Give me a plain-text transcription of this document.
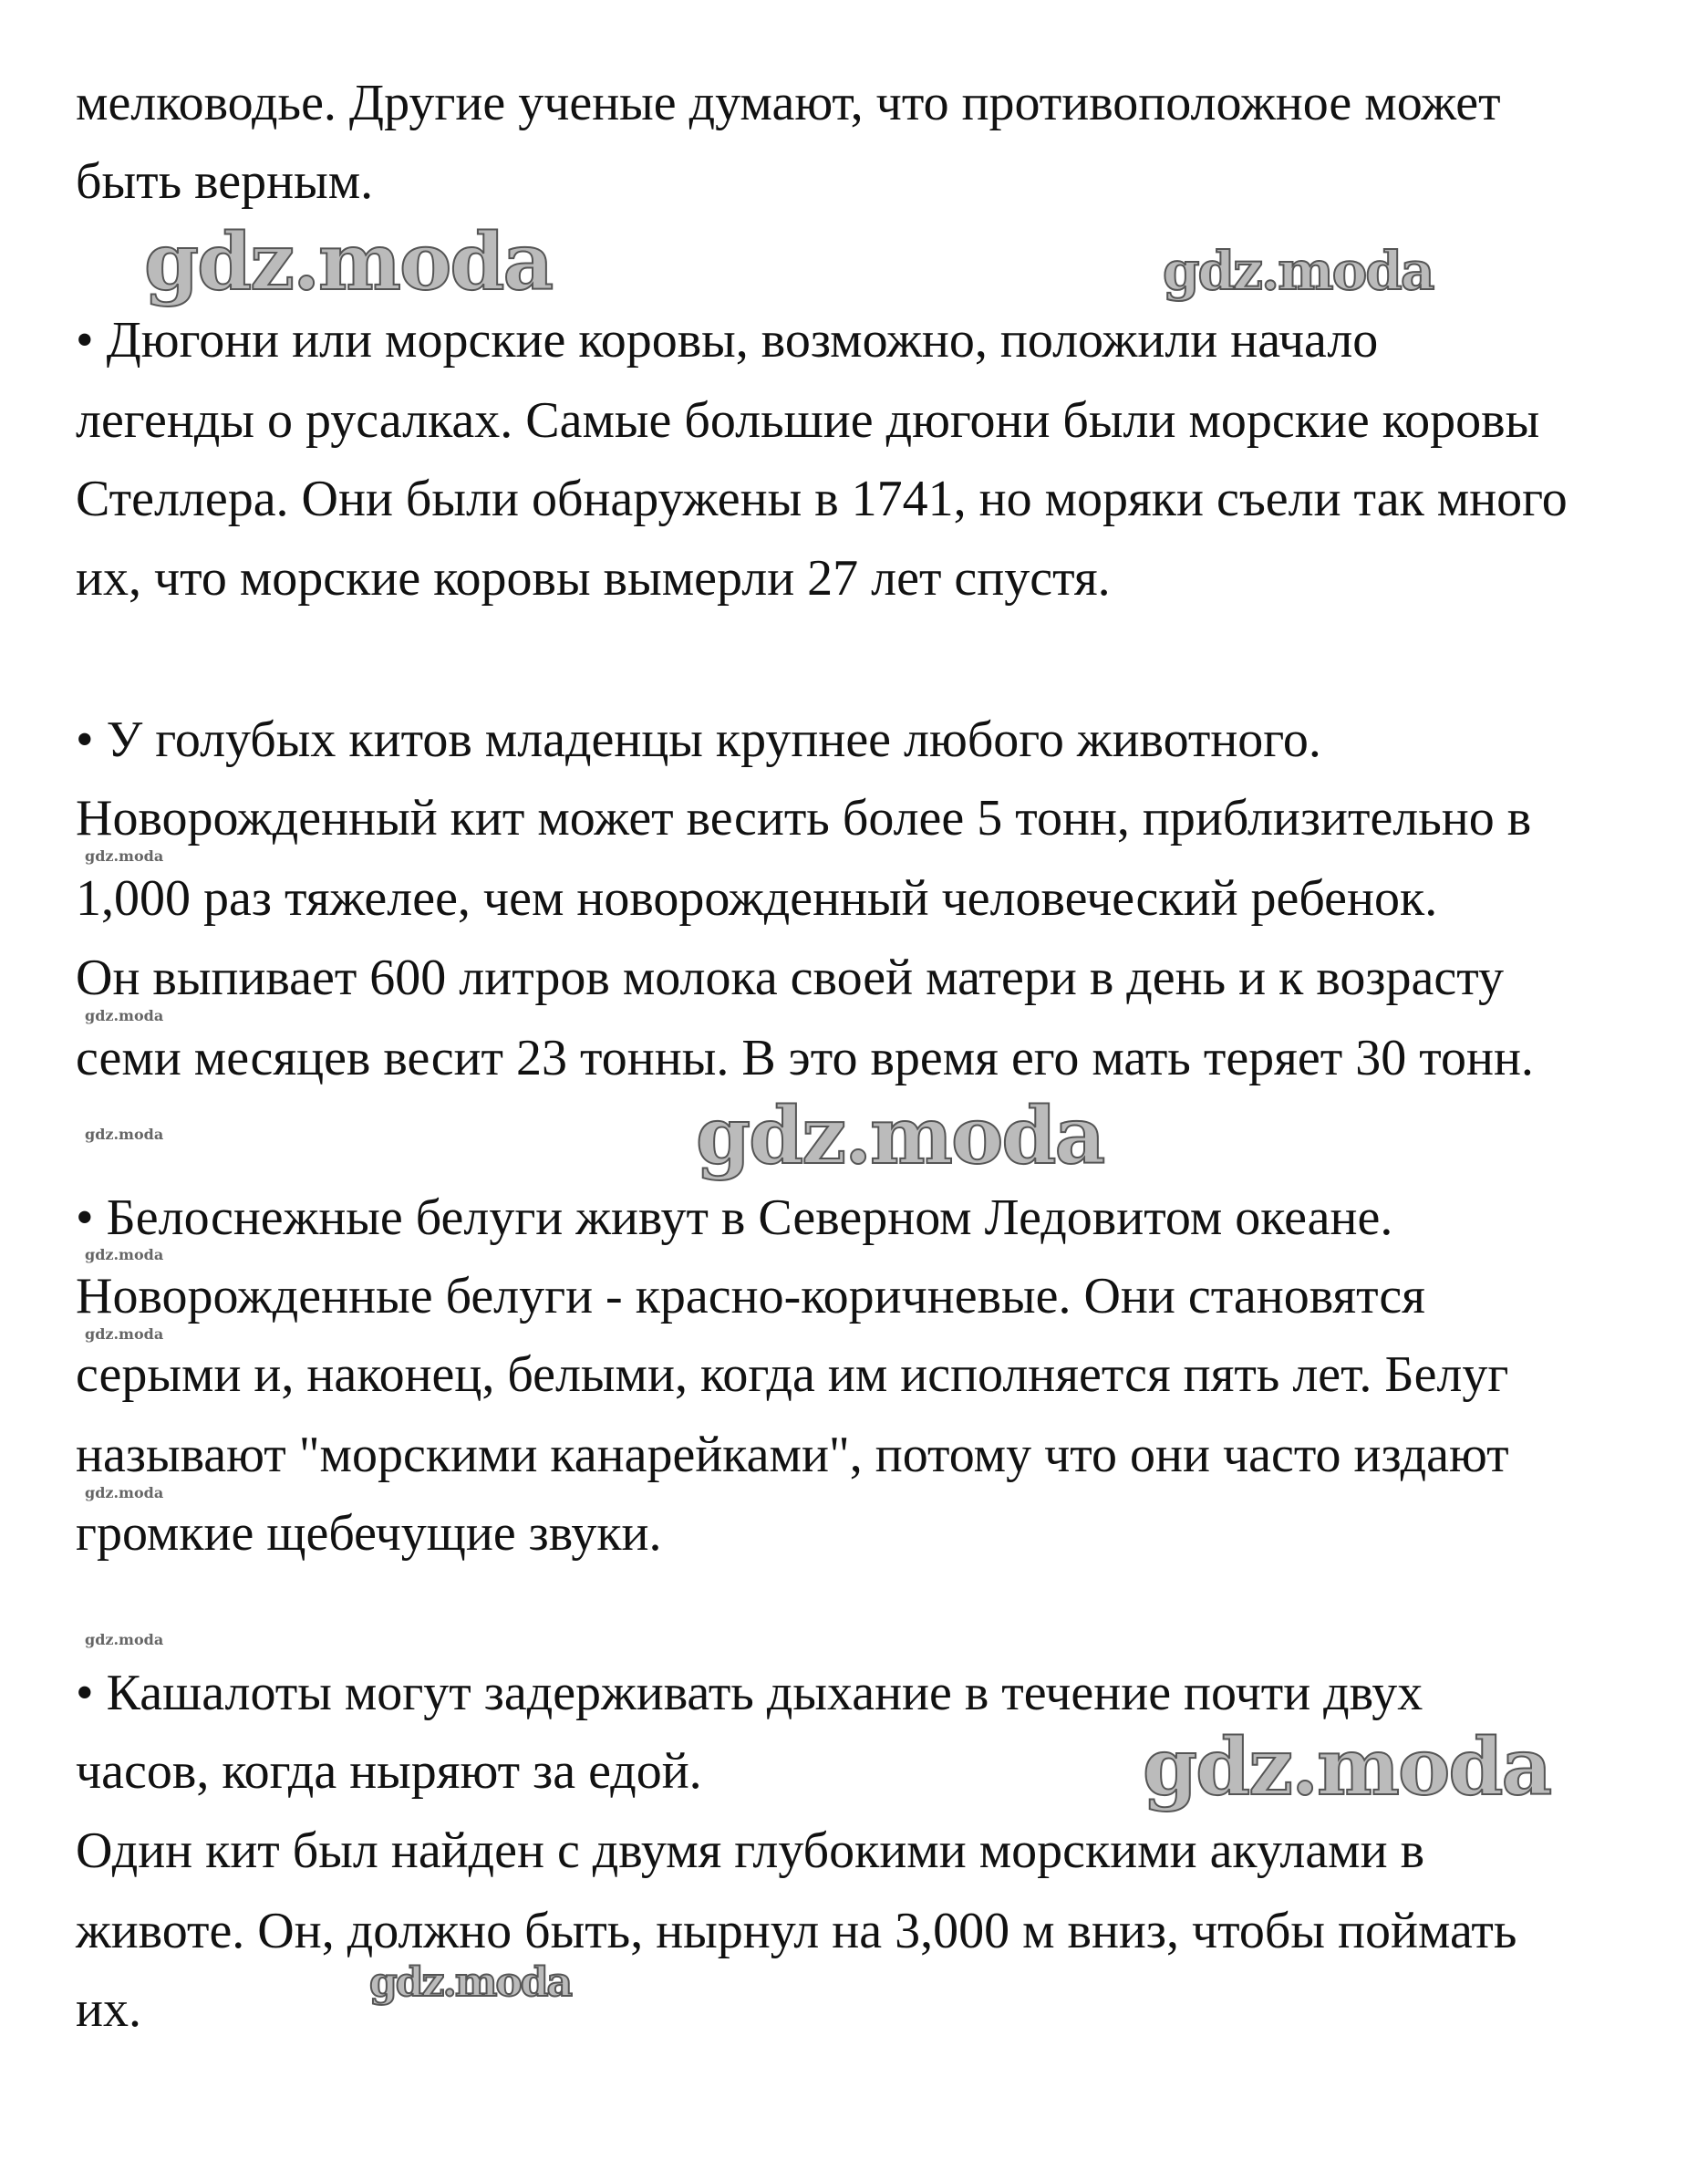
мелководье. Другие ученые думают, что противоположное может
быть верным.
• Дюгони или морские коровы, возможно, положили начало
легенды о русалках. Самые большие дюгони были морские коровы
Стеллера. Они были обнаружены в 1741, но моряки съели так много
их, что морские коровы вымерли 27 лет спустя.
• У голубых китов младенцы крупнее любого животного.
Новорожденный кит может весить более 5 тонн, приблизительно в
1,000 раз тяжелее, чем новорожденный человеческий ребенок.
Он выпивает 600 литров молока своей матери в день и к возрасту
семи месяцев весит 23 тонны. В это время его мать теряет 30 тонн.
• Белоснежные белуги живут в Северном Ледовитом океане.
Новорожденные белуги - красно-коричневые. Они становятся
серыми и, наконец, белыми, когда им исполняется пять лет. Белуг
называют "морскими канарейками", потому что они часто издают
громкие щебечущие звуки.
• Кашалоты могут задерживать дыхание в течение почти двух
часов, когда ныряют за едой.
Один кит был найден с двумя глубокими морскими акулами в
животе. Он, должно быть, нырнул на 3,000 м вниз, чтобы поймать
их.
gdz.moda	gdz.moda
gdz.moda
gdz.moda
gdz.moda
gdz.moda
gdz.moda
gdz.moda
gdz.moda
gdz.moda
gdz.moda
gdz.moda
